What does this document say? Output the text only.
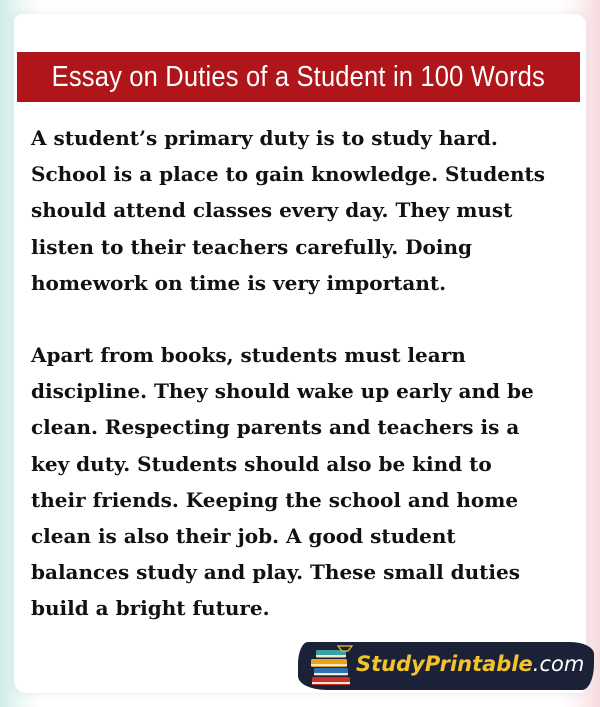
Essay on Duties of a Student in 100 Words

A student’s primary duty is to study hard.

School is a place to gain knowledge. Students

should attend classes every day. They must

listen to their teachers carefully. Doing

homework on time is very important.

Apart from books, students must learn

discipline. They should wake up early and be

clean. Respecting parents and teachers is a

key duty. Students should also be kind to

their friends. Keeping the school and home

clean is also their job. A good student

balances study and play. These small duties

build a bright future.

StudyPrintable.com
